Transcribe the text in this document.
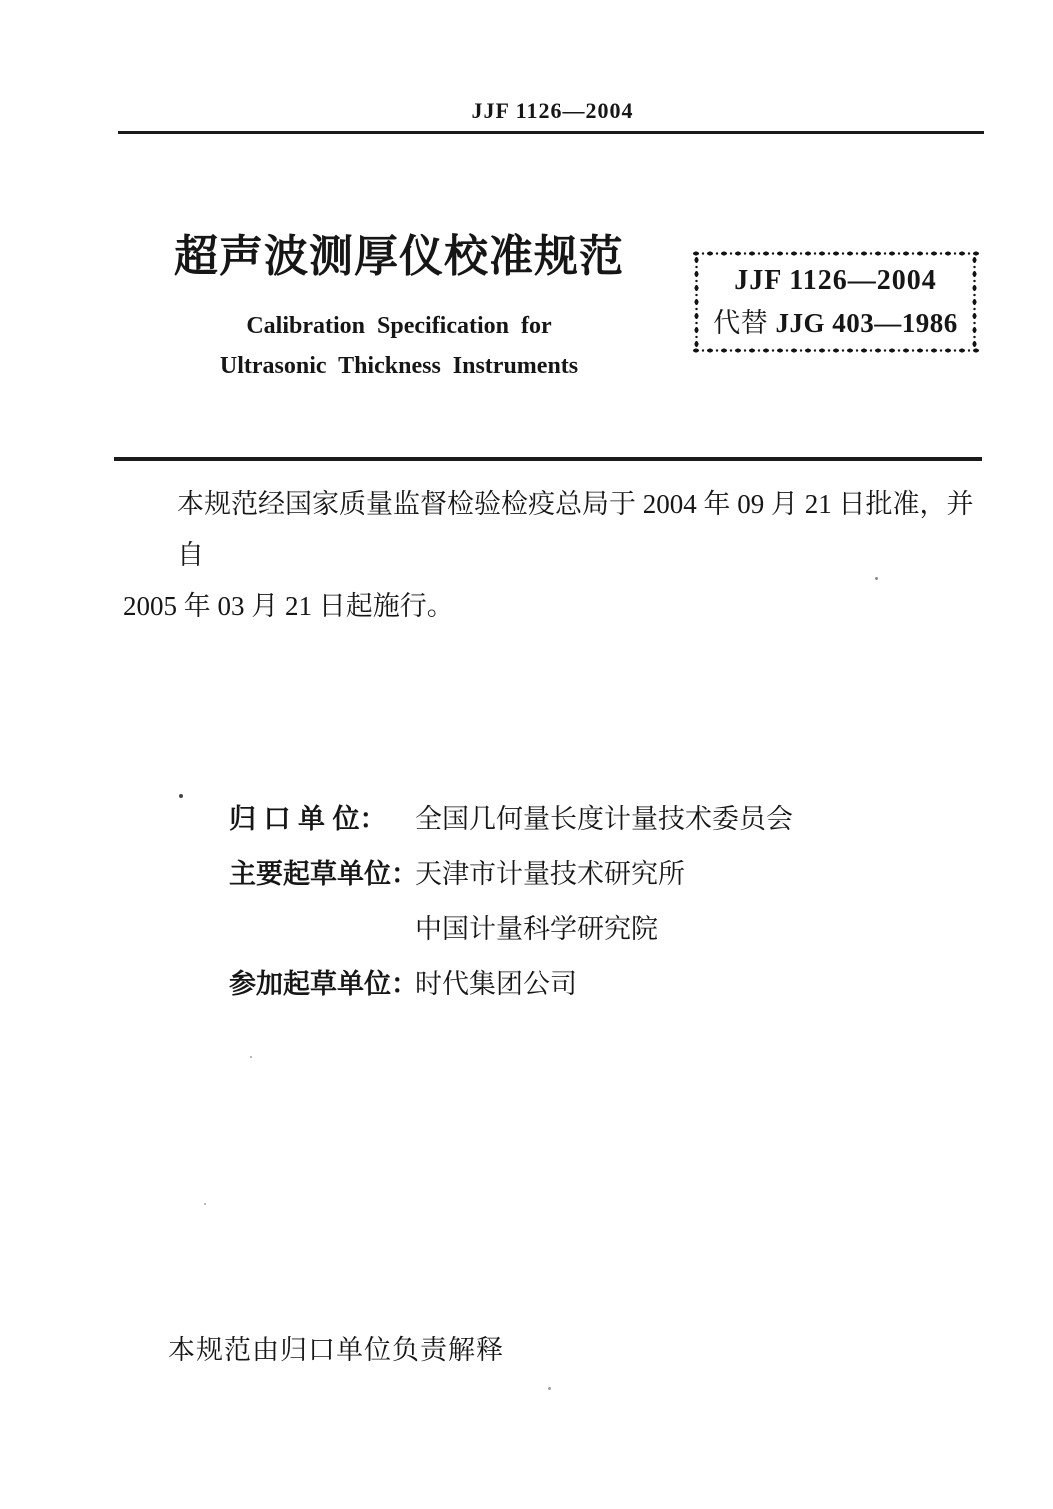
JJF 1126—2004
超声波测厚仪校准规范
Calibration Specification for
Ultrasonic Thickness Instruments
JJF 1126—2004
代替 JJG 403—1986
本规范经国家质量监督检验检疫总局于 2004 年 09 月 21 日批准，并自
2005 年 03 月 21 日起施行。
归 口 单 位：	全国几何量长度计量技术委员会
主要起草单位：
天津市计量技术研究所
中国计量科学研究院
参加起草单位：
时代集团公司
本规范由归口单位负责解释
